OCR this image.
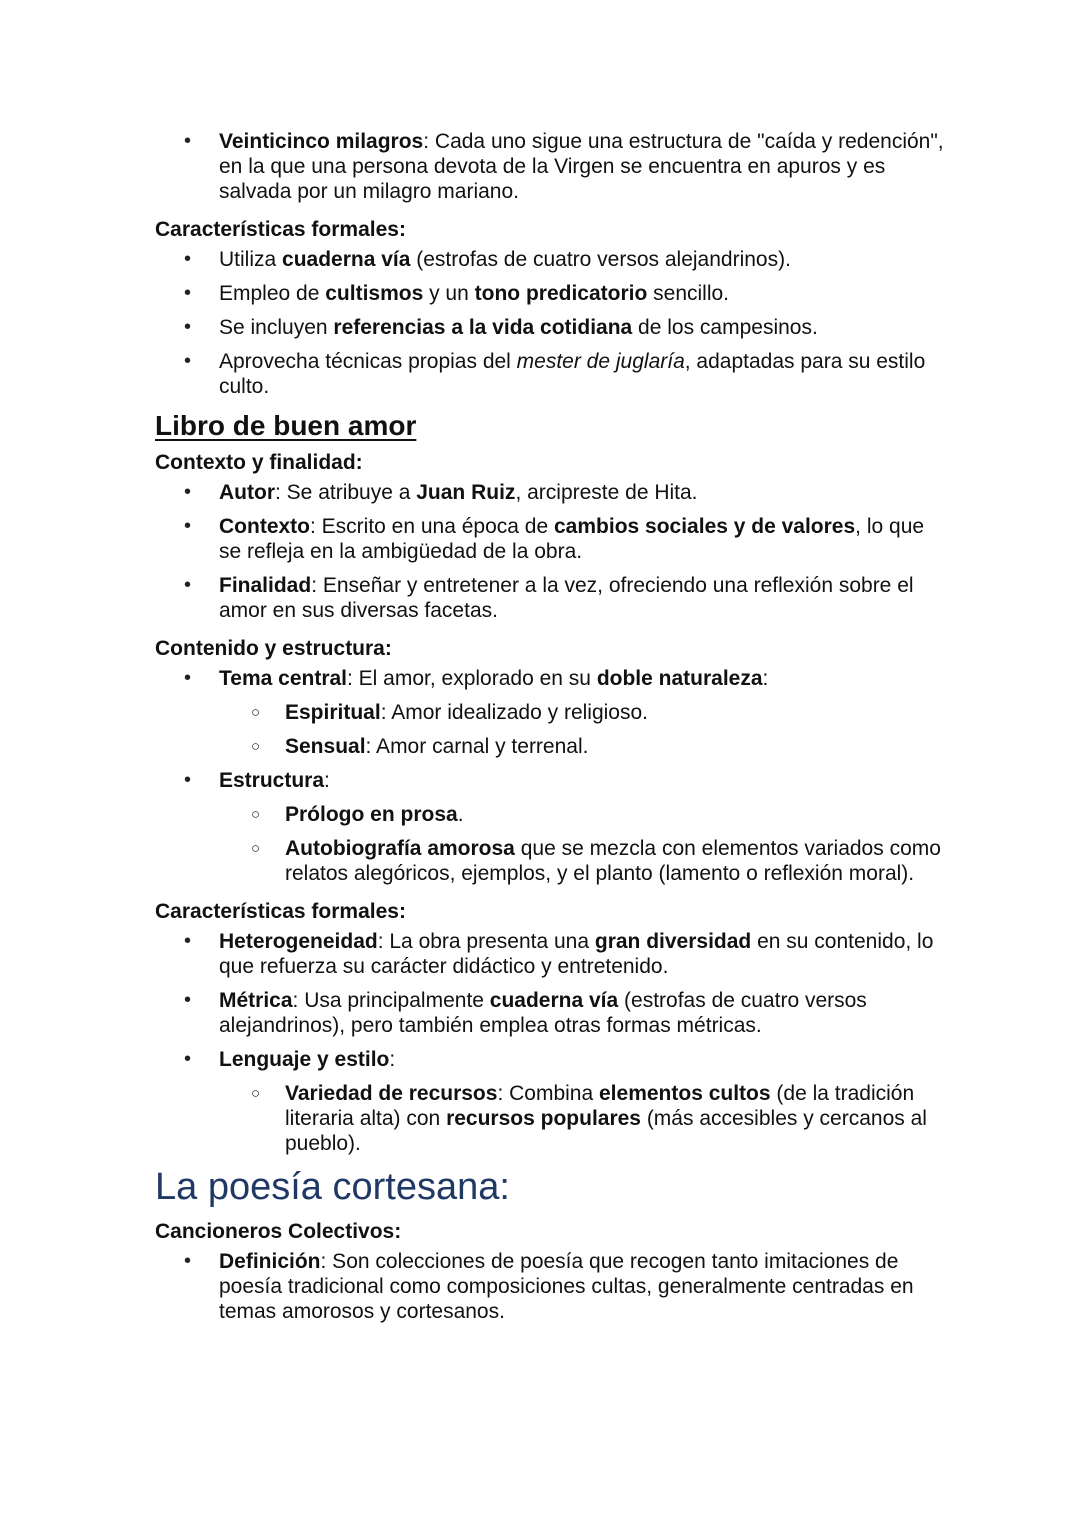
• Veinticinco milagros: Cada uno sigue una estructura de "caída y redención", en la que una persona devota de la Virgen se encuentra en apuros y es salvada por un milagro mariano.
Características formales:
• Utiliza cuaderna vía (estrofas de cuatro versos alejandrinos).
• Empleo de cultismos y un tono predicatorio sencillo.
• Se incluyen referencias a la vida cotidiana de los campesinos.
• Aprovecha técnicas propias del mester de juglaría, adaptadas para su estilo culto.
Libro de buen amor
Contexto y finalidad:
• Autor: Se atribuye a Juan Ruiz, arcipreste de Hita.
• Contexto: Escrito en una época de cambios sociales y de valores, lo que se refleja en la ambigüedad de la obra.
• Finalidad: Enseñar y entretener a la vez, ofreciendo una reflexión sobre el amor en sus diversas facetas.
Contenido y estructura:
• Tema central: El amor, explorado en su doble naturaleza:
○ Espiritual: Amor idealizado y religioso.
○ Sensual: Amor carnal y terrenal.
• Estructura:
○ Prólogo en prosa.
○ Autobiografía amorosa que se mezcla con elementos variados como relatos alegóricos, ejemplos, y el planto (lamento o reflexión moral).
Características formales:
• Heterogeneidad: La obra presenta una gran diversidad en su contenido, lo que refuerza su carácter didáctico y entretenido.
• Métrica: Usa principalmente cuaderna vía (estrofas de cuatro versos alejandrinos), pero también emplea otras formas métricas.
• Lenguaje y estilo:
○ Variedad de recursos: Combina elementos cultos (de la tradición literaria alta) con recursos populares (más accesibles y cercanos al pueblo).
La poesía cortesana:
Cancioneros Colectivos:
• Definición: Son colecciones de poesía que recogen tanto imitaciones de poesía tradicional como composiciones cultas, generalmente centradas en temas amorosos y cortesanos.
